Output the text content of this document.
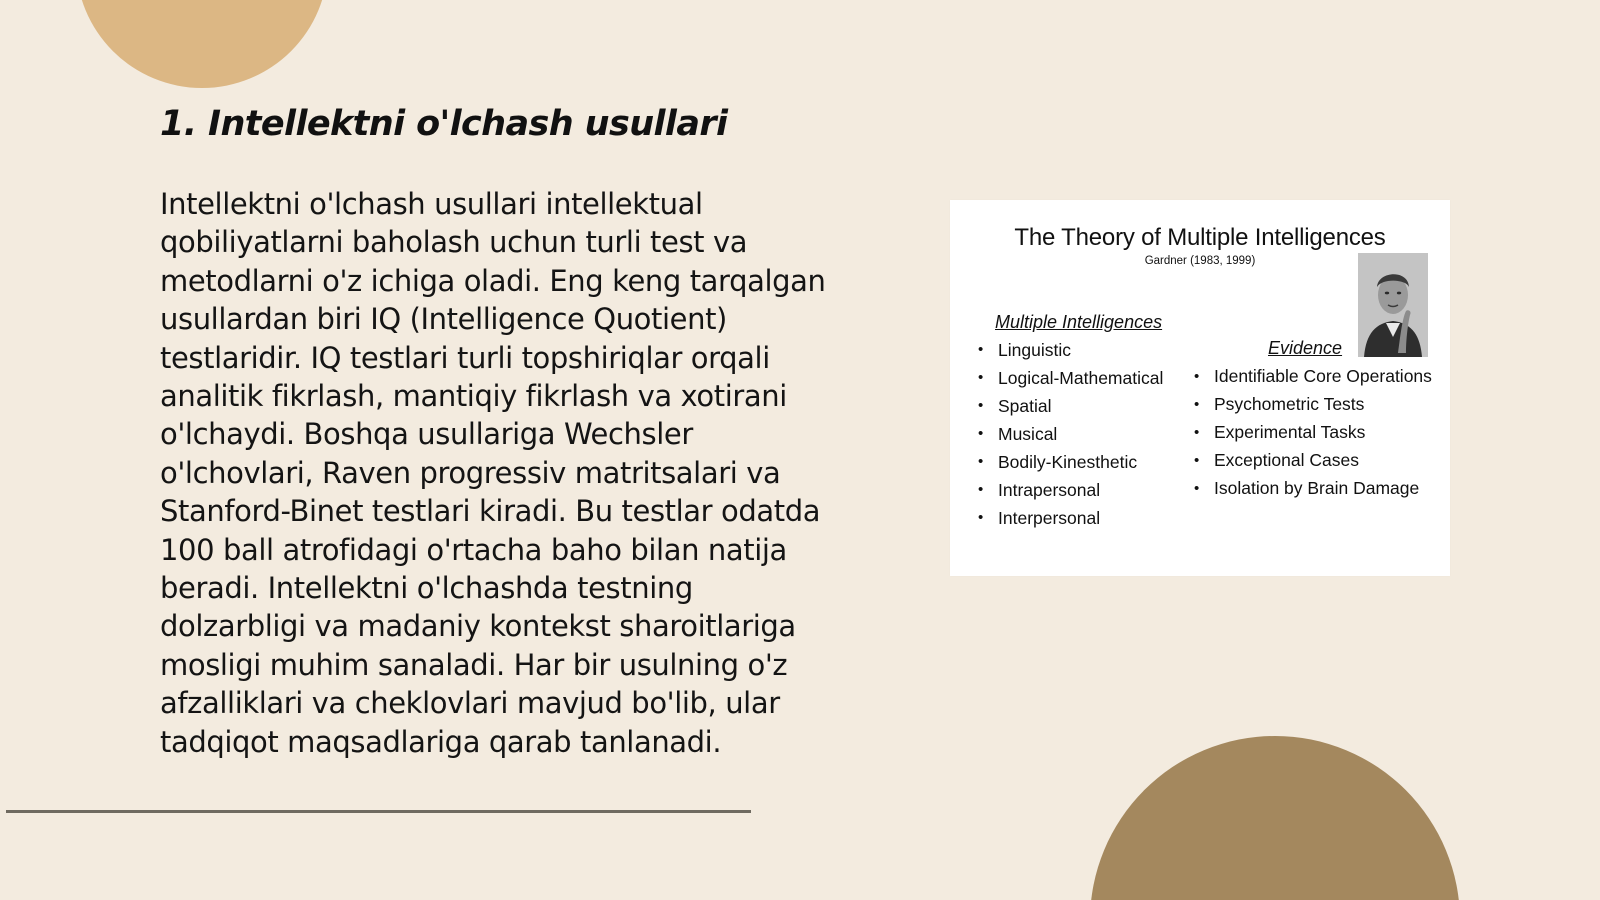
1. Intellektni o'lchash usullari

Intellektni o'lchash usullari intellektual qobiliyatlarni baholash uchun turli test va metodlarni o'z ichiga oladi. Eng keng tarqalgan usullardan biri IQ (Intelligence Quotient) testlaridir. IQ testlari turli topshiriqlar orqali analitik fikrlash, mantiqiy fikrlash va xotirani o'lchaydi. Boshqa usullariga Wechsler o'lchovlari, Raven progressiv matritsalari va Stanford-Binet testlari kiradi. Bu testlar odatda 100 ball atrofidagi o'rtacha baho bilan natija beradi. Intellektni o'lchashda testning dolzarbligi va madaniy kontekst sharoitlariga mosligi muhim sanaladi. Har bir usulning o'z afzalliklari va cheklovlari mavjud bo'lib, ular tadqiqot maqsadlariga qarab tanlanadi.

The Theory of Multiple Intelligences
Gardner (1983, 1999)
Multiple Intelligences
• Linguistic
• Logical-Mathematical
• Spatial
• Musical
• Bodily-Kinesthetic
• Intrapersonal
• Interpersonal
Evidence
• Identifiable Core Operations
• Psychometric Tests
• Experimental Tasks
• Exceptional Cases
• Isolation by Brain Damage
